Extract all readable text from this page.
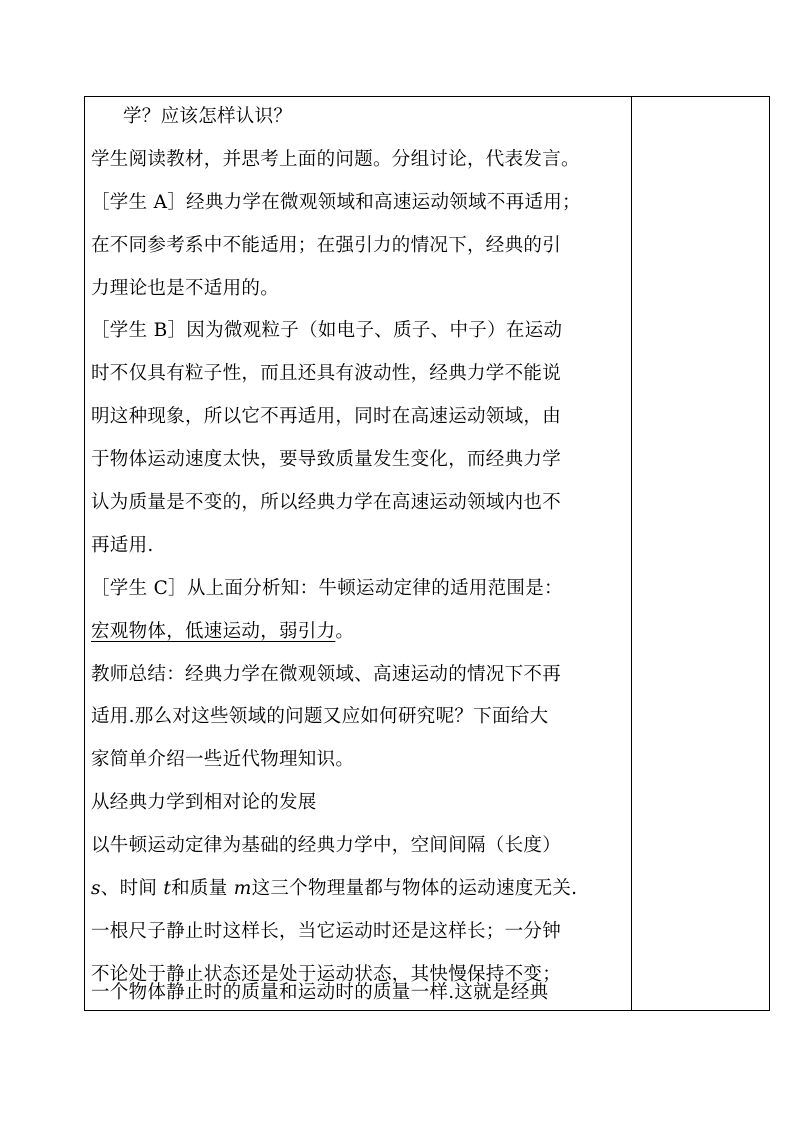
学？应该怎样认识？
学生阅读教材，并思考上面的问题。分组讨论，代表发言。
［学生 A］经典力学在微观领域和高速运动领域不再适用；
在不同参考系中不能适用；在强引力的情况下，经典的引
力理论也是不适用的。
［学生 B］因为微观粒子（如电子、质子、中子）在运动
时不仅具有粒子性，而且还具有波动性，经典力学不能说
明这种现象，所以它不再适用，同时在高速运动领域，由
于物体运动速度太快，要导致质量发生变化，而经典力学
认为质量是不变的，所以经典力学在高速运动领域内也不
再适用.
［学生 C］从上面分析知：牛顿运动定律的适用范围是：
宏观物体，低速运动，弱引力。
教师总结：经典力学在微观领域、高速运动的情况下不再
适用.那么对这些领域的问题又应如何研究呢？下面给大
家简单介绍一些近代物理知识。
从经典力学到相对论的发展
以牛顿运动定律为基础的经典力学中，空间间隔（长度）
s、时间 t和质量 m这三个物理量都与物体的运动速度无关.
一根尺子静止时这样长，当它运动时还是这样长；一分钟
不论处于静止状态还是处于运动状态，其快慢保持不变；
一个物体静止时的质量和运动时的质量一样.这就是经典
